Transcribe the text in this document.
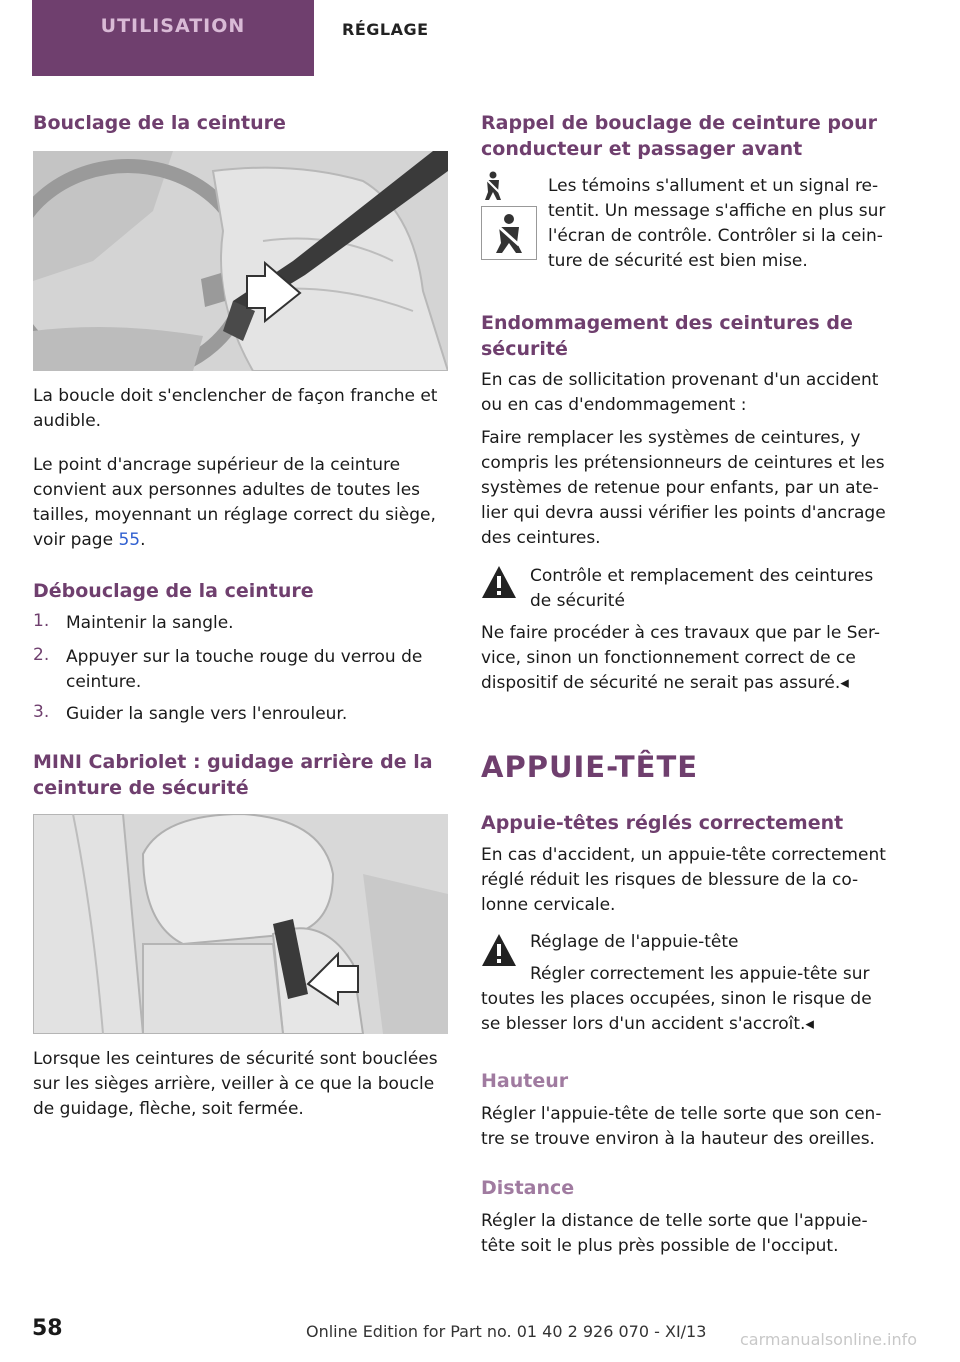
UTILISATION	RÉGLAGE
Bouclage de la ceinture

La boucle doit s'enclencher de façon franche et audible.

Le point d'ancrage supérieur de la ceinture convient aux personnes adultes de toutes les tailles, moyennant un réglage correct du siège, voir page 55.

Débouclage de la ceinture
1. Maintenir la sangle.
2. Appuyer sur la touche rouge du verrou de ceinture.
3. Guider la sangle vers l'enrouleur.
MINI Cabriolet : guidage arrière de la ceinture de sécurité

Lorsque les ceintures de sécurité sont bouclées sur les sièges arrière, veiller à ce que la boucle de guidage, flèche, soit fermée.

Rappel de bouclage de ceinture pour conducteur et passager avant

Les témoins s'allument et un signal re-tentit. Un message s'affiche en plus sur l'écran de contrôle. Contrôler si la cein-ture de sécurité est bien mise.

Endommagement des ceintures de sécurité

En cas de sollicitation provenant d'un accident ou en cas d'endommagement :

Faire remplacer les systèmes de ceintures, y compris les prétensionneurs de ceintures et les systèmes de retenue pour enfants, par un ate-lier qui devra aussi vérifier les points d'ancrage des ceintures.

Contrôle et remplacement des ceintures de sécurité

Ne faire procéder à ces travaux que par le Ser-vice, sinon un fonctionnement correct de ce dispositif de sécurité ne serait pas assuré.◂

APPUIE-TÊTE
Appuie-têtes réglés correctement

En cas d'accident, un appuie-tête correctement réglé réduit les risques de blessure de la co-lonne cervicale.

Réglage de l'appuie-tête

Régler correctement les appuie-tête sur

toutes les places occupées, sinon le risque de se blesser lors d'un accident s'accroît.◂

Hauteur

Régler l'appuie-tête de telle sorte que son cen-tre se trouve environ à la hauteur des oreilles.

Distance

Régler la distance de telle sorte que l'appuie-tête soit le plus près possible de l'occiput.

58	Online Edition for Part no. 01 40 2 926 070 - XI/13 carmanualsonline.info
